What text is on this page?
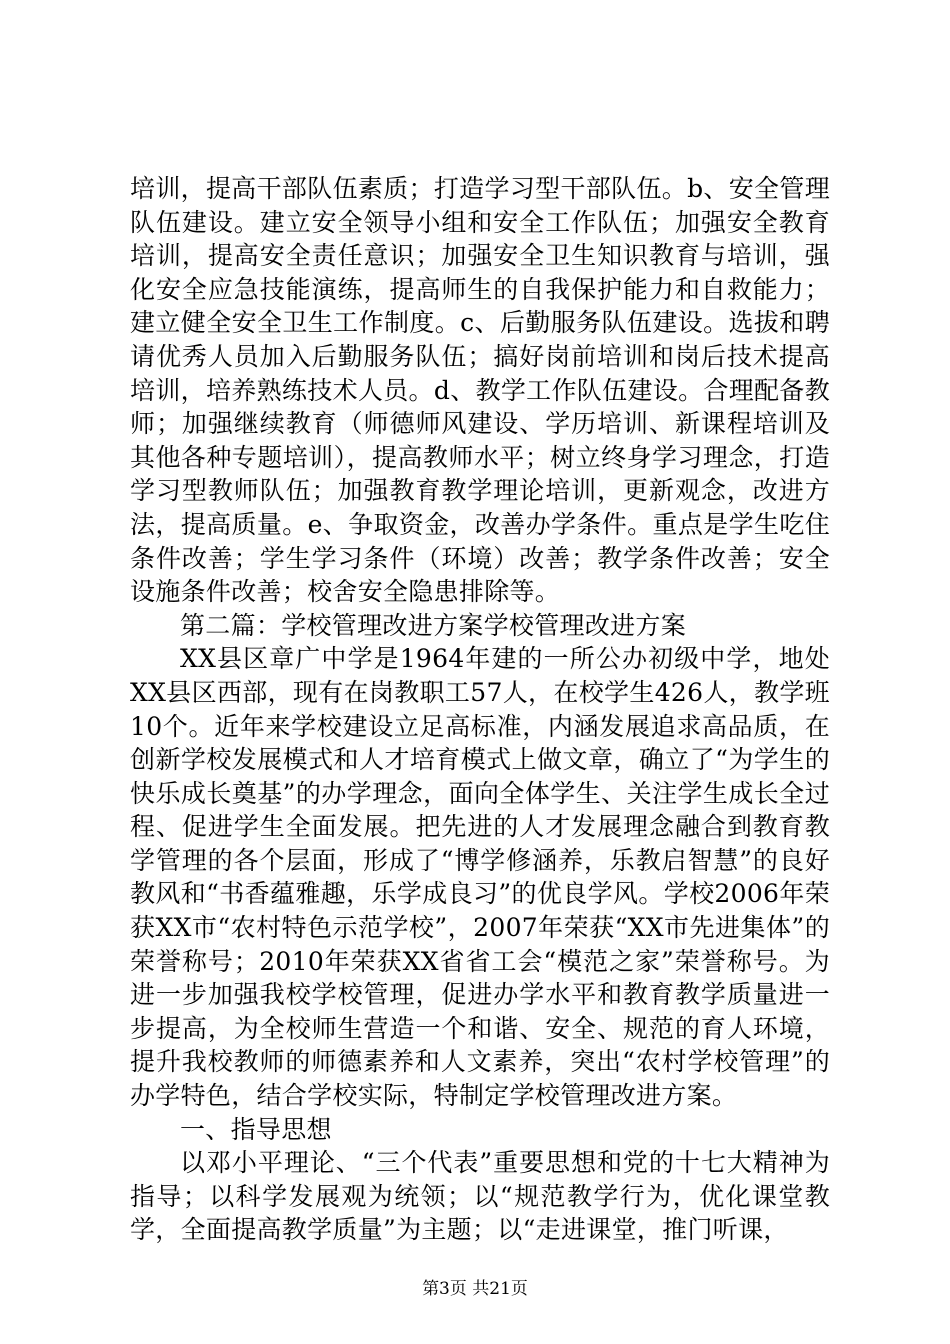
培训，提高干部队伍素质；打造学习型干部队伍。b、安全管理队伍建设。建立安全领导小组和安全工作队伍；加强安全教育培训，提高安全责任意识；加强安全卫生知识教育与培训，强化安全应急技能演练，提高师生的自我保护能力和自救能力；建立健全安全卫生工作制度。c、后勤服务队伍建设。选拔和聘请优秀人员加入后勤服务队伍；搞好岗前培训和岗后技术提高培训，培养熟练技术人员。d、教学工作队伍建设。合理配备教师；加强继续教育（师德师风建设、学历培训、新课程培训及其他各种专题培训），提高教师水平；树立终身学习理念，打造学习型教师队伍；加强教育教学理论培训，更新观念，改进方法，提高质量。e、争取资金，改善办学条件。重点是学生吃住条件改善；学生学习条件（环境）改善；教学条件改善；安全设施条件改善；校舍安全隐患排除等。

第二篇：学校管理改进方案学校管理改进方案

XX县区章广中学是1964年建的一所公办初级中学，地处XX县区西部，现有在岗教职工57人，在校学生426人，教学班10个。近年来学校建设立足高标准，内涵发展追求高品质，在创新学校发展模式和人才培育模式上做文章，确立了“为学生的快乐成长奠基”的办学理念，面向全体学生、关注学生成长全过程、促进学生全面发展。把先进的人才发展理念融合到教育教学管理的各个层面，形成了“博学修涵养，乐教启智慧”的良好教风和“书香蕴雅趣，乐学成良习”的优良学风。学校2006年荣获XX市“农村特色示范学校”，2007年荣获“XX市先进集体”的荣誉称号；2010年荣获XX省省工会“模范之家”荣誉称号。为进一步加强我校学校管理，促进办学水平和教育教学质量进一步提高，为全校师生营造一个和谐、安全、规范的育人环境，提升我校教师的师德素养和人文素养，突出“农村学校管理”的办学特色，结合学校实际，特制定学校管理改进方案。

一、指导思想

以邓小平理论、“三个代表”重要思想和党的十七大精神为指导；以科学发展观为统领；以“规范教学行为，优化课堂教学，全面提高教学质量”为主题；以“走进课堂，推门听课，

第3页 共21页
